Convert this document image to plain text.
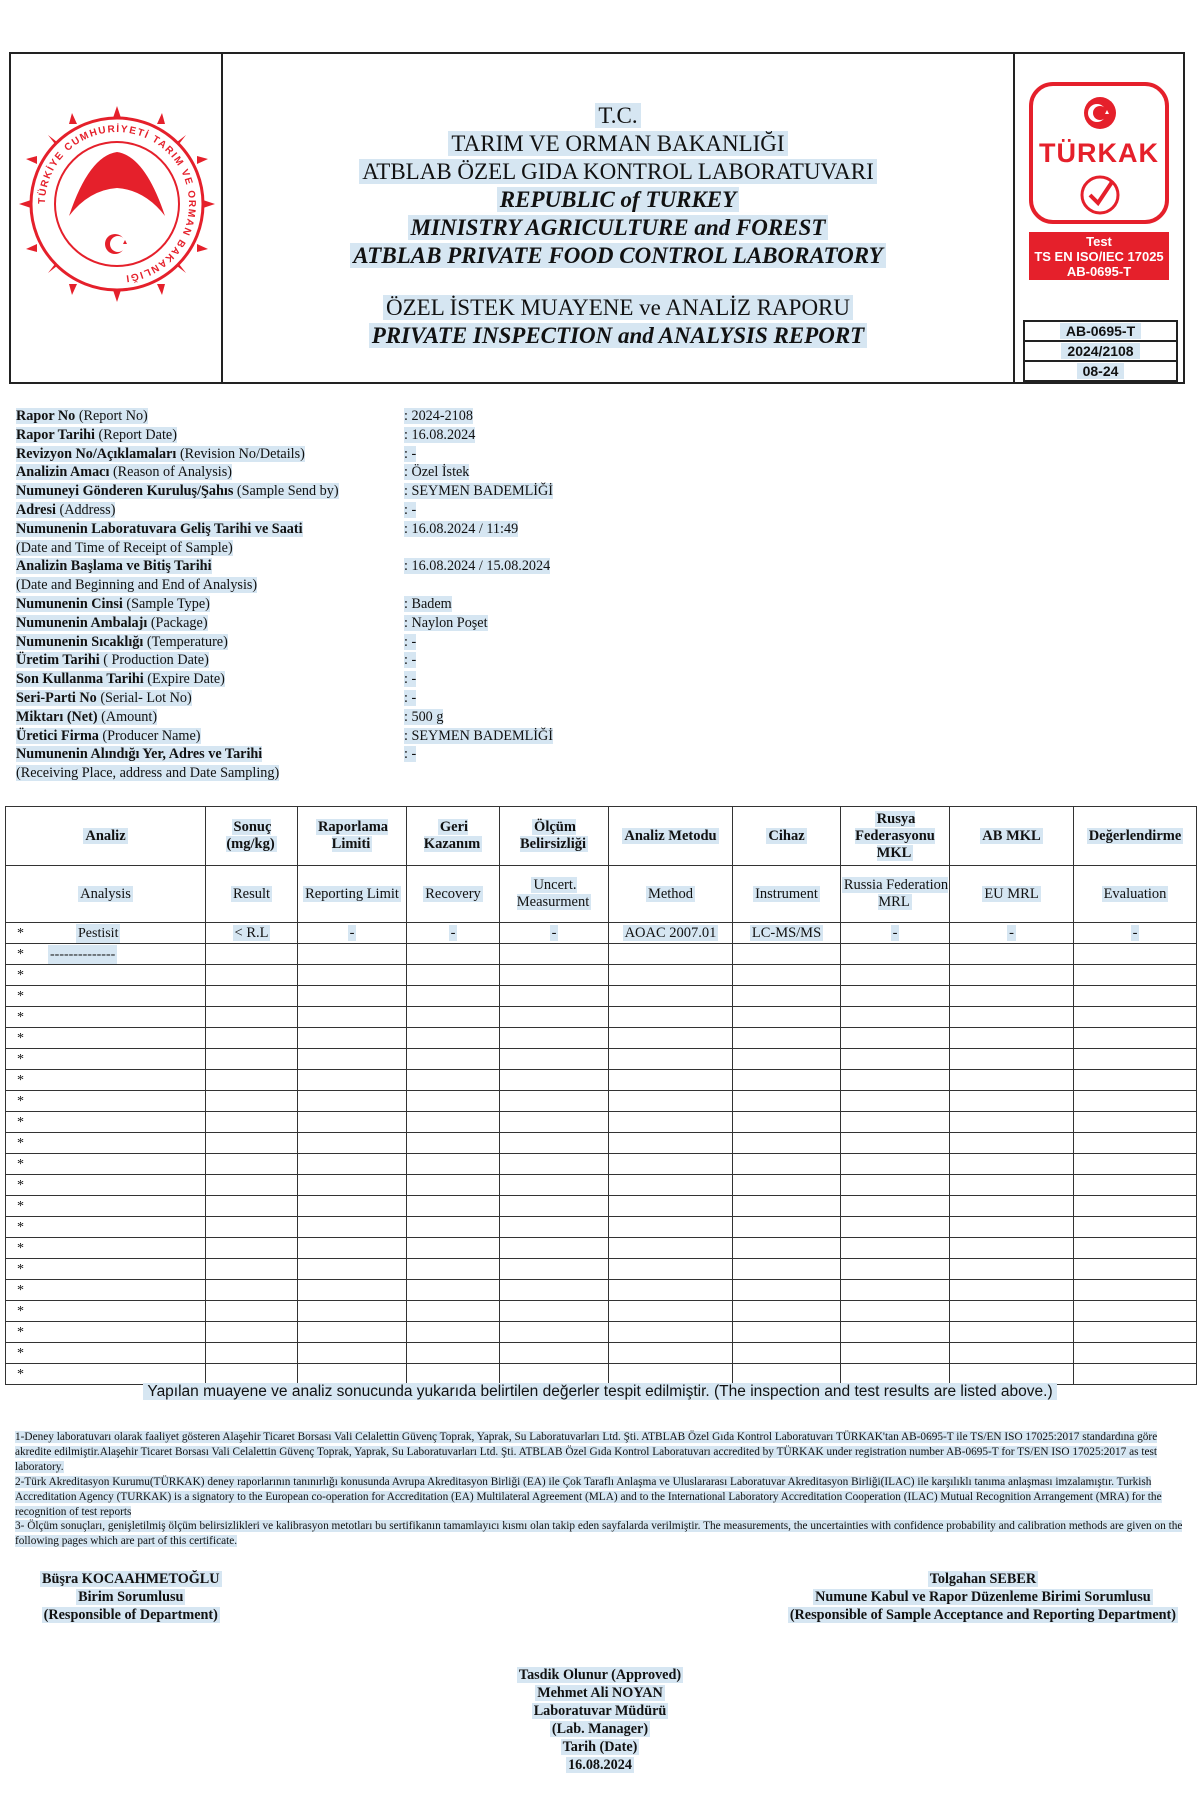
TÜRKİYE CUMHURİYETİ TARIM VE ORMAN BAKANLIĞI

T.C.

TARIM VE ORMAN BAKANLIĞI

ATBLAB ÖZEL GIDA KONTROL LABORATUVARI

REPUBLIC of TURKEY

MINISTRY AGRICULTURE and FOREST

ATBLAB PRIVATE FOOD CONTROL LABORATORY

ÖZEL İSTEK MUAYENE ve ANALİZ RAPORU

PRIVATE INSPECTION and ANALYSIS REPORT

TÜRKAK
Test
TS EN ISO/IEC 17025
AB-0695-T
AB-0695-T
2024/2108
08-24
Rapor No (Report No)	: 2024-2108
Rapor Tarihi (Report Date)	: 16.08.2024
Revizyon No/Açıklamaları (Revision No/Details)	: -
Analizin Amacı (Reason of Analysis)	: Özel İstek
Numuneyi Gönderen Kuruluş/Şahıs (Sample Send by)	: SEYMEN BADEMLİĞİ
Adresi (Address)	: -
Numunenin Laboratuvara Geliş Tarihi ve Saati	: 16.08.2024 / 11:49
(Date and Time of Receipt of Sample)
Analizin Başlama ve Bitiş Tarihi	: 16.08.2024 / 15.08.2024
(Date and Beginning and End of Analysis)
Numunenin Cinsi (Sample Type)	: Badem
Numunenin Ambalajı (Package)	: Naylon Poşet
Numunenin Sıcaklığı (Temperature)	: -
Üretim Tarihi ( Production Date)	: -
Son Kullanma Tarihi (Expire Date)	: -
Seri-Parti No (Serial- Lot No)	: -
Miktarı (Net) (Amount)	: 500 g
Üretici Firma (Producer Name)	: SEYMEN BADEMLİĞİ
Numunenin Alındığı Yer, Adres ve Tarihi	: -
(Receiving Place, address and Date Sampling)
Analiz	Sonuç (mg/kg)	Raporlama Limiti	Geri Kazanım	Ölçüm Belirsizliği	Analiz Metodu	Cihaz	Rusya Federasyonu MKL	AB MKL	Değerlendirme
Analysis	Result	Reporting Limit	Recovery	Uncert. Measurment	Method	Instrument	Russia Federation MRL	EU MRL	Evaluation
* Pestisit	< R.L	-	-	-	AOAC 2007.01	LC-MS/MS	-	-	-
* --------------									
*									
*									
*									
*									
*									
*									
*									
*									
*									
*									
*									
*									
*									
*									
*									
*									
*									
*									
*									
*									
Yapılan muayene ve analiz sonucunda yukarıda belirtilen değerler tespit edilmiştir. (The inspection and test results are listed above.)

1-Deney laboratuvarı olarak faaliyet gösteren Alaşehir Ticaret Borsası Vali Celalettin Güvenç Toprak, Yaprak, Su Laboratuvarları Ltd. Şti. ATBLAB Özel Gıda Kontrol Laboratuvarı TÜRKAK'tan AB-0695-T ile TS/EN ISO 17025:2017 standardına göre akredite edilmiştir.Alaşehir Ticaret Borsası Vali Celalettin Güvenç Toprak, Yaprak, Su Laboratuvarları Ltd. Şti. ATBLAB Özel Gıda Kontrol Laboratuvarı accredited by TÜRKAK under registration number AB-0695-T for TS/EN ISO 17025:2017 as test laboratory.

2-Türk Akreditasyon Kurumu(TÜRKAK) deney raporlarının tanınırlığı konusunda Avrupa Akreditasyon Birliği (EA) ile Çok Taraflı Anlaşma ve Uluslararası Laboratuvar Akreditasyon Birliği(ILAC) ile karşılıklı tanıma anlaşması imzalamıştır. Turkish Accreditation Agency (TURKAK) is a signatory to the European co-operation for Accreditation (EA) Multilateral Agreement (MLA) and to the International Laboratory Accreditation Cooperation (ILAC) Mutual Recognition Arrangement (MRA) for the recognition of test reports

3- Ölçüm sonuçları, genişletilmiş ölçüm belirsizlikleri ve kalibrasyon metotları bu sertifikanın tamamlayıcı kısmı olan takip eden sayfalarda verilmiştir. The measurements, the uncertainties with confidence probability and calibration methods are given on the following pages which are part of this certificate.

Büşra KOCAAHMETOĞLU
Birim Sorumlusu
(Responsible of Department)
Tolgahan SEBER
Numune Kabul ve Rapor Düzenleme Birimi Sorumlusu
(Responsible of Sample Acceptance and Reporting Department)
Tasdik Olunur (Approved)
Mehmet Ali NOYAN
Laboratuvar Müdürü
(Lab. Manager)
Tarih (Date)
16.08.2024
